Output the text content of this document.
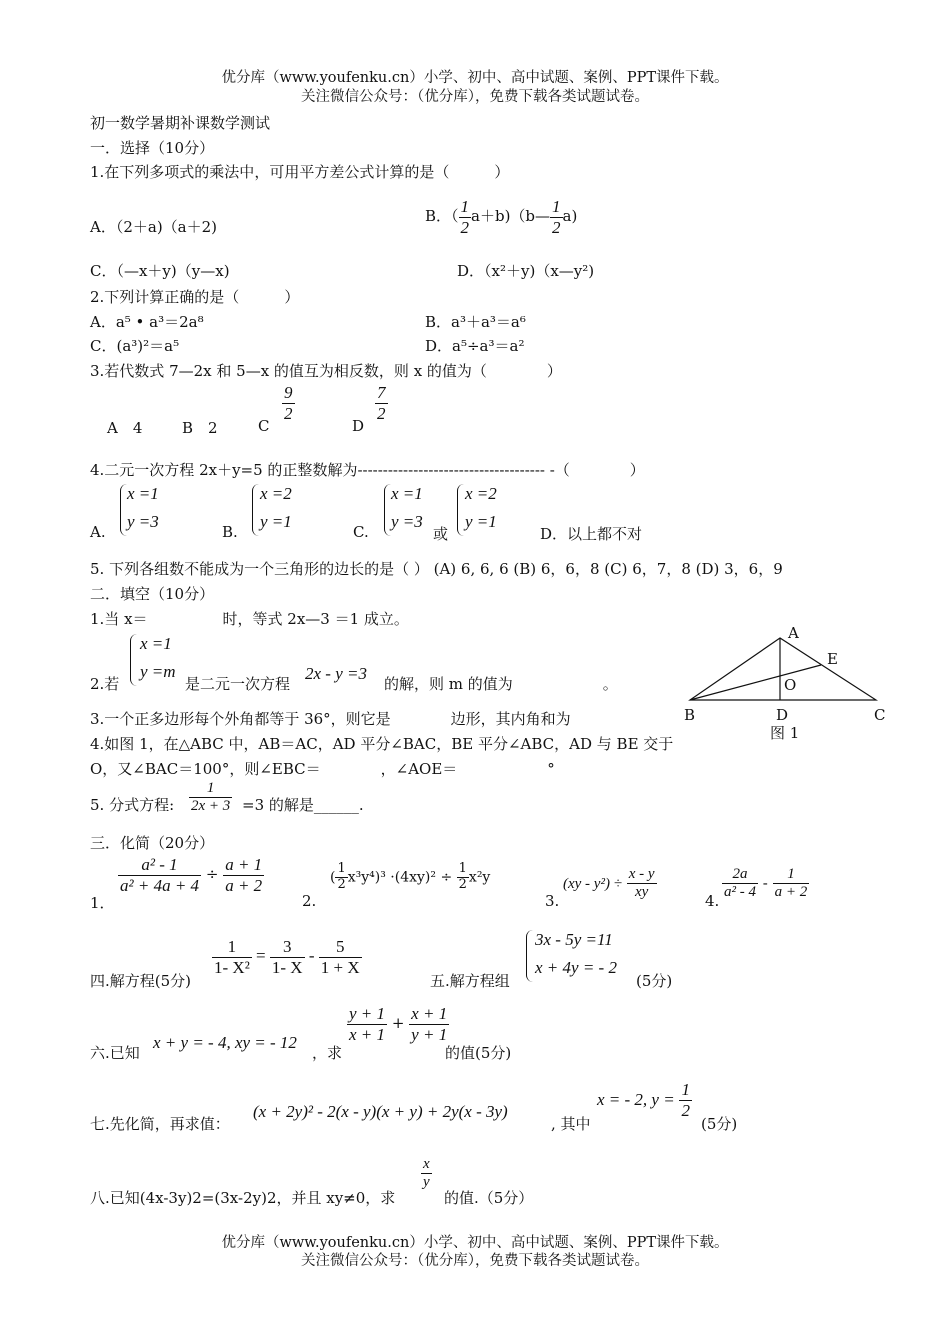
优分库（www.youfenku.cn）小学、初中、高中试题、案例、PPT课件下载。
关注微信公众号：（优分库），免费下载各类试题试卷。
初一数学暑期补课数学测试
一．选择（10分）
1.在下列多项式的乘法中，可用平方差公式计算的是（　　　）
A．（2＋a)（a＋2)
B．（ $\frac{1}{2}$ a＋b)（b— $\frac{1}{2} a$)
C．（—x＋y)（y—x)	D．（x²＋y)（x—y²)
2.下列计算正确的是（　　　）
A．a⁵ • a³＝2a⁸	B．a³＋a³＝a⁶
C．(a³)²＝a⁵	D．a⁵÷a³＝a²
3.若代数式 7—2x 和 5—x 的值互为相反数，则 x 的值为（　　　　）
A　4	B　2	C
$\frac{9}{2}$
D
$\frac{7}{2}$
4.二元一次方程 2x＋y=5 的正整数解为------------------------------------- -（　　　　）
A.
x =1
y =3
B.
x =2
y =1
C.
x =1
y =3
或
x =2
y =1
D．以上都不对
5. 下列各组数不能成为一个三角形的边长的是（ ） (A) 6, 6, 6 (B) 6，6，8 (C) 6，7，8 (D) 3，6，9
二．填空（10分）
1.当 x＝　　　　　时，等式 2x—3 ＝1 成立。
2.若
x =1
y =m
是二元一次方程
2x - y =3
的解，则 m 的值为　　　　　　。
3.一个正多边形每个外角都等于 36°，则它是　　　　边形，其内角和为
4.如图 1，在△ABC 中，AB＝AC，AD 平分∠BAC，BE 平分∠ABC，AD 与 BE 交于
O，又∠BAC＝100°，则∠EBC＝　　　　，∠AOE＝　　　　　　°
5. 分式方程: $\frac{1}{2x + 3} =3$ 的解是______.
A
E
O
B	D	C
图 1
三．化简（20分）
1．
$\frac{\text{a² - 1}}{\text{a² + 4a + 4}} \div \frac{a + 1}{a + 2}$
2.
( $\frac{1}{2} x^3y^4)^3 \cdot(4xy)^2 \div \frac{1}{2} x^2y$
3.
$(xy - y^2) \div \frac{x - y}{xy}$	4. $\frac{2a}{\text{a² - 4}} - \frac{1}{a + 2}$
四.解方程(5分)
$\frac{1}{\text{1- X²}} = \frac{3}{1- X} - \frac{5}{1 + X}$
五.解方程组
3x - 5y =11
x + 4y = - 2
(5分)
六.已知
x + y = - 4, xy = - 12
，求
$\frac{y + 1}{x + 1} + \frac{x + 1}{y + 1}$
的值(5分)
七.先化简，再求值：
(x + 2y)² - 2(x - y)(x + y) + 2y(x - 3y)
, 其中
x = - 2, $y = \frac{1}{2}$
(5分)
八.已知(4x-3y)2=(3x-2y)2，并且 xy≠0，求
$\frac{x}{y}$
的值.（5分）
优分库（www.youfenku.cn）小学、初中、高中试题、案例、PPT课件下载。
关注微信公众号：（优分库），免费下载各类试题试卷。
